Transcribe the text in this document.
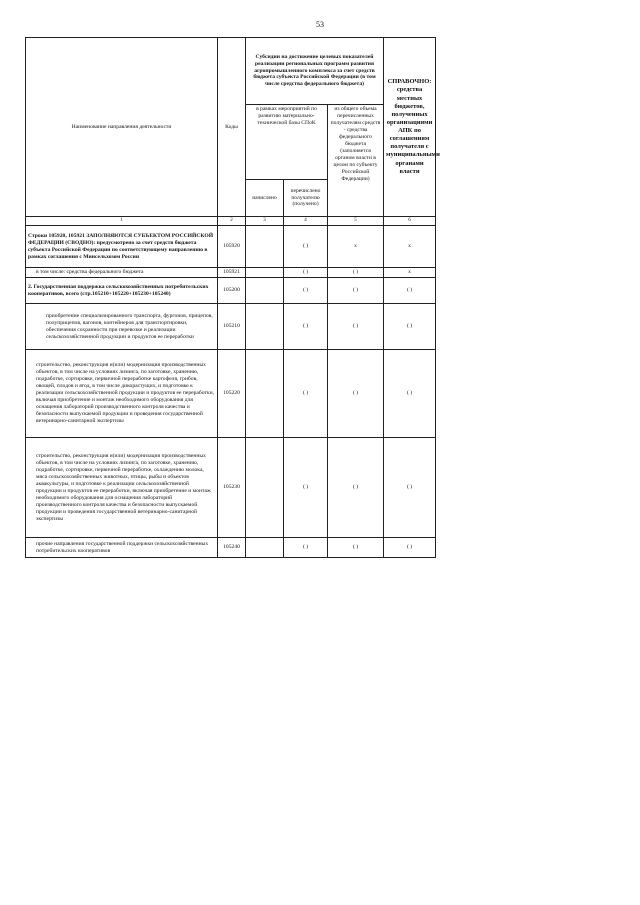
53
Наименование направления деятельности	Коды	Субсидии на достижение целевых показателей реализации региональных программ развития агропромышленного комплекса за счет средств бюджета субъекта Российской Федерации (в том числе средства федерального бюджета)			СПРАВОЧНО: средства местных бюджетов, полученных организациями АПК по соглашениям получателя с муниципальными органами власти
		в рамках мероприятий по развитию материально-технической базы СПоК		из общего объема перечисленных получателям средств - средства федерального бюджета (заполняется органом власти в целом по субъекту Российской Федерации)	
		начислено	перечислено получателю (получено)		
1	2	3	4	5	6
Строки 105920, 105921 ЗАПОЛНЯЮТСЯ СУБЪЕКТОМ РОССИЙСКОЙ ФЕДЕРАЦИИ (СВОДНО): предусмотрено за счет средств бюджета субъекта Российской Федерации по соответствующему направлению в рамках соглашения с Минсельхозом России	105920		( )	x	x
в том числе: средства федерального бюджета	105921		( )	( )	x
2. Государственная поддержка сельскохозяйственных потребительских кооперативов, всего (стр.105210+105220+105230+105240)	105200		( )	( )	( )
приобретение специализированного транспорта, фургонов, прицепов, полуприцепов, вагонов, контейнеров для транспортировки, обеспечения сохранности при перевозке и реализации сельскохозяйственной продукции и продуктов ее переработки	105210		( )	( )	( )
строительство, реконструкция и(или) модернизация производственных объектов, в том числе на условиях лизинга, по заготовке, хранению, подработке, сортировке, первичной переработке картофеля, грибов, овощей, плодов и ягод, в том числе дикорастущих, и подготовке к реализации сельскохозяйственной продукции и продуктов ее переработки, включая приобретение и монтаж необходимого оборудования для оснащения лабораторий производственного контроля качества и безопасности выпускаемой продукции и проведения государственной ветеринарно-санитарной экспертизы	105220		( )	( )	( )
строительство, реконструкция и(или) модернизация производственных объектов, в том числе на условиях лизинга, по заготовке, хранению, подработке, сортировке, первичной переработке, охлаждению молока, мяса сельскохозяйственных животных, птицы, рыбы и объектов аквакультуры, и подготовке к реализации сельскохозяйственной продукции и продуктов ее переработки, включая приобретение и монтаж необходимого оборудования для оснащения лабораторий производственного контроля качества и безопасности выпускаемой продукции и проведения государственной ветеринарно-санитарной экспертизы	105230		( )	( )	( )
прочие направления государственной поддержки сельскохозяйственных потребительских кооперативов	105240		( )	( )	( )
